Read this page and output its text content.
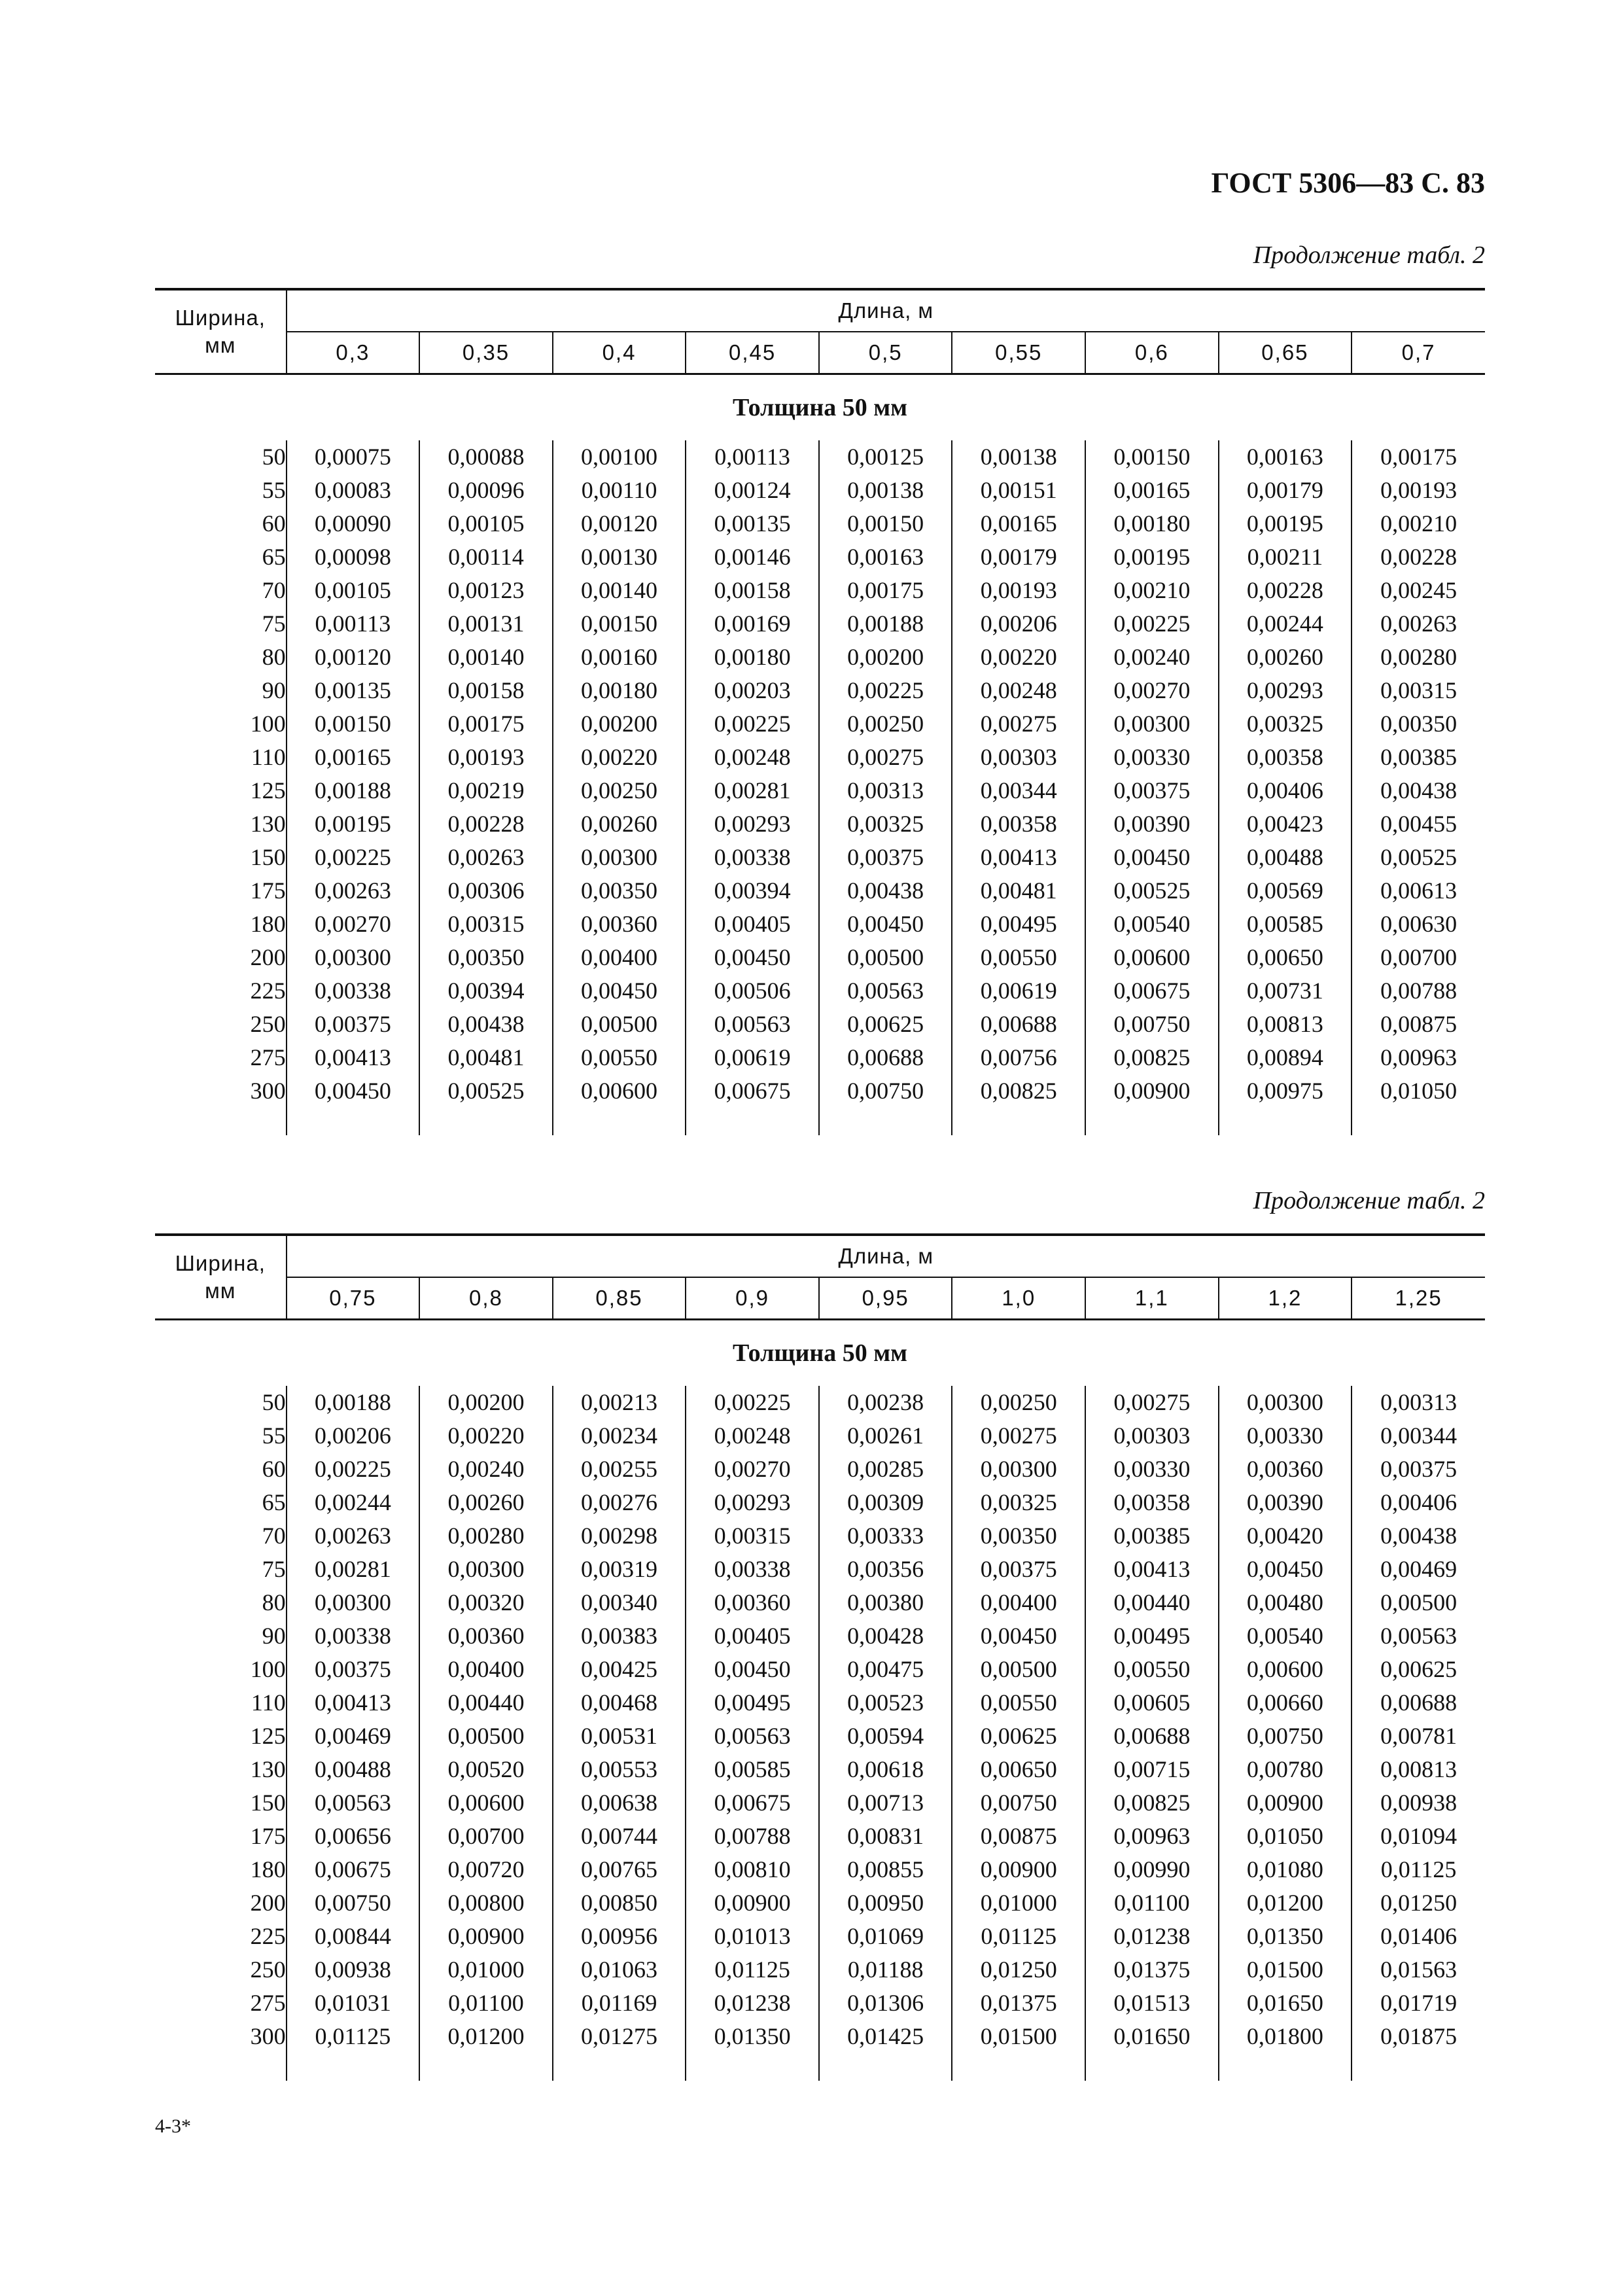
ГОСТ 5306—83 С. 83
Продолжение табл. 2
Ширина,
мм	Длина, м								
	0,3	0,35	0,4	0,45	0,5	0,55	0,6	0,65	0,7
Толщина 50 мм									
50	0,00075	0,00088	0,00100	0,00113	0,00125	0,00138	0,00150	0,00163	0,00175
55	0,00083	0,00096	0,00110	0,00124	0,00138	0,00151	0,00165	0,00179	0,00193
60	0,00090	0,00105	0,00120	0,00135	0,00150	0,00165	0,00180	0,00195	0,00210
65	0,00098	0,00114	0,00130	0,00146	0,00163	0,00179	0,00195	0,00211	0,00228
70	0,00105	0,00123	0,00140	0,00158	0,00175	0,00193	0,00210	0,00228	0,00245
75	0,00113	0,00131	0,00150	0,00169	0,00188	0,00206	0,00225	0,00244	0,00263
80	0,00120	0,00140	0,00160	0,00180	0,00200	0,00220	0,00240	0,00260	0,00280
90	0,00135	0,00158	0,00180	0,00203	0,00225	0,00248	0,00270	0,00293	0,00315
100	0,00150	0,00175	0,00200	0,00225	0,00250	0,00275	0,00300	0,00325	0,00350
110	0,00165	0,00193	0,00220	0,00248	0,00275	0,00303	0,00330	0,00358	0,00385
125	0,00188	0,00219	0,00250	0,00281	0,00313	0,00344	0,00375	0,00406	0,00438
130	0,00195	0,00228	0,00260	0,00293	0,00325	0,00358	0,00390	0,00423	0,00455
150	0,00225	0,00263	0,00300	0,00338	0,00375	0,00413	0,00450	0,00488	0,00525
175	0,00263	0,00306	0,00350	0,00394	0,00438	0,00481	0,00525	0,00569	0,00613
180	0,00270	0,00315	0,00360	0,00405	0,00450	0,00495	0,00540	0,00585	0,00630
200	0,00300	0,00350	0,00400	0,00450	0,00500	0,00550	0,00600	0,00650	0,00700
225	0,00338	0,00394	0,00450	0,00506	0,00563	0,00619	0,00675	0,00731	0,00788
250	0,00375	0,00438	0,00500	0,00563	0,00625	0,00688	0,00750	0,00813	0,00875
275	0,00413	0,00481	0,00550	0,00619	0,00688	0,00756	0,00825	0,00894	0,00963
300	0,00450	0,00525	0,00600	0,00675	0,00750	0,00825	0,00900	0,00975	0,01050

Продолжение табл. 2
Ширина,
мм	Длина, м								
	0,75	0,8	0,85	0,9	0,95	1,0	1,1	1,2	1,25
Толщина 50 мм									
50	0,00188	0,00200	0,00213	0,00225	0,00238	0,00250	0,00275	0,00300	0,00313
55	0,00206	0,00220	0,00234	0,00248	0,00261	0,00275	0,00303	0,00330	0,00344
60	0,00225	0,00240	0,00255	0,00270	0,00285	0,00300	0,00330	0,00360	0,00375
65	0,00244	0,00260	0,00276	0,00293	0,00309	0,00325	0,00358	0,00390	0,00406
70	0,00263	0,00280	0,00298	0,00315	0,00333	0,00350	0,00385	0,00420	0,00438
75	0,00281	0,00300	0,00319	0,00338	0,00356	0,00375	0,00413	0,00450	0,00469
80	0,00300	0,00320	0,00340	0,00360	0,00380	0,00400	0,00440	0,00480	0,00500
90	0,00338	0,00360	0,00383	0,00405	0,00428	0,00450	0,00495	0,00540	0,00563
100	0,00375	0,00400	0,00425	0,00450	0,00475	0,00500	0,00550	0,00600	0,00625
110	0,00413	0,00440	0,00468	0,00495	0,00523	0,00550	0,00605	0,00660	0,00688
125	0,00469	0,00500	0,00531	0,00563	0,00594	0,00625	0,00688	0,00750	0,00781
130	0,00488	0,00520	0,00553	0,00585	0,00618	0,00650	0,00715	0,00780	0,00813
150	0,00563	0,00600	0,00638	0,00675	0,00713	0,00750	0,00825	0,00900	0,00938
175	0,00656	0,00700	0,00744	0,00788	0,00831	0,00875	0,00963	0,01050	0,01094
180	0,00675	0,00720	0,00765	0,00810	0,00855	0,00900	0,00990	0,01080	0,01125
200	0,00750	0,00800	0,00850	0,00900	0,00950	0,01000	0,01100	0,01200	0,01250
225	0,00844	0,00900	0,00956	0,01013	0,01069	0,01125	0,01238	0,01350	0,01406
250	0,00938	0,01000	0,01063	0,01125	0,01188	0,01250	0,01375	0,01500	0,01563
275	0,01031	0,01100	0,01169	0,01238	0,01306	0,01375	0,01513	0,01650	0,01719
300	0,01125	0,01200	0,01275	0,01350	0,01425	0,01500	0,01650	0,01800	0,01875

4-3*
